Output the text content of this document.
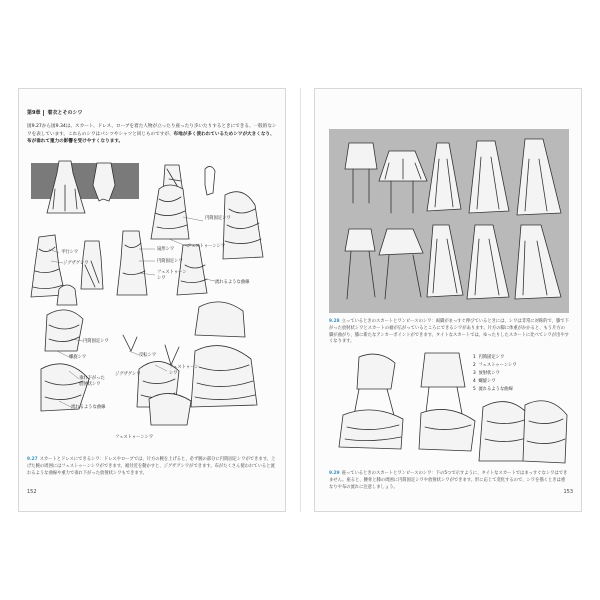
第9章 着衣とそのシワ
図9.27から図9.34は、スカート、ドレス、ローブを着た人物が立ったり座ったり歩いたりするときにできる、一般的なシワを表しています。これらのシワはパンツやシャツと同じものですが、布地が多く使われているためシワが大きくなり、布が垂れて重力の影響を受けやすくなります。
円筒固定シワ
フェストゥーンシワ
平行シワ
ジグザグシワ
扇形シワ
円筒固定シワ
フェストゥーン
シワ
流れるような曲線
円筒固定シワ
螺旋シワ	反転シワ
フェストゥーン
シワ
ジグザグシワ
垂れ下がった
放射状シワ
流れるような曲線
フェストゥーンシワ
9.27 スカートとドレスにできるシワ：ドレスやローブでは、片方の腕を上げると、必ず腕の部分に円筒固定シワができます。上げた腕の周囲にはフェストゥーンシワができます。裾付近を動かすと、ジグザグシワができます。布がたくさん使われていると流れるような曲線や重力で垂れ下がった放射状シワもできます。
152
9.28 立っているときのスカートとワンピースのシワ：両脚がまっすぐ伸びているときには、シワは非常に対称的で、膝で下がった放射状シワとスカートの裾が広がっているところにできるシワがあります。片方の脚に体重がかかると、もう片方の脚が曲がり、膝に新たなアンカーポイントができます。タイトなスカートでは、ゆったりしたスカートに比べてシワが出やすくなります。
1 円筒固定シワ
2 フェストゥーンシワ
3 放射状シワ
4 螺旋シワ
5 流れるような曲線
9.29 座っているときのスカートとワンピースのシワ：下の5つで示すように、タイトなスカートではまっすぐなシワはできません。座ると、腰骨と膝の周囲に円筒固定シワや放射状シワができます。形に応じて変化するので、シワを描くときは重なりや布の流れに注意しましょう。
153
